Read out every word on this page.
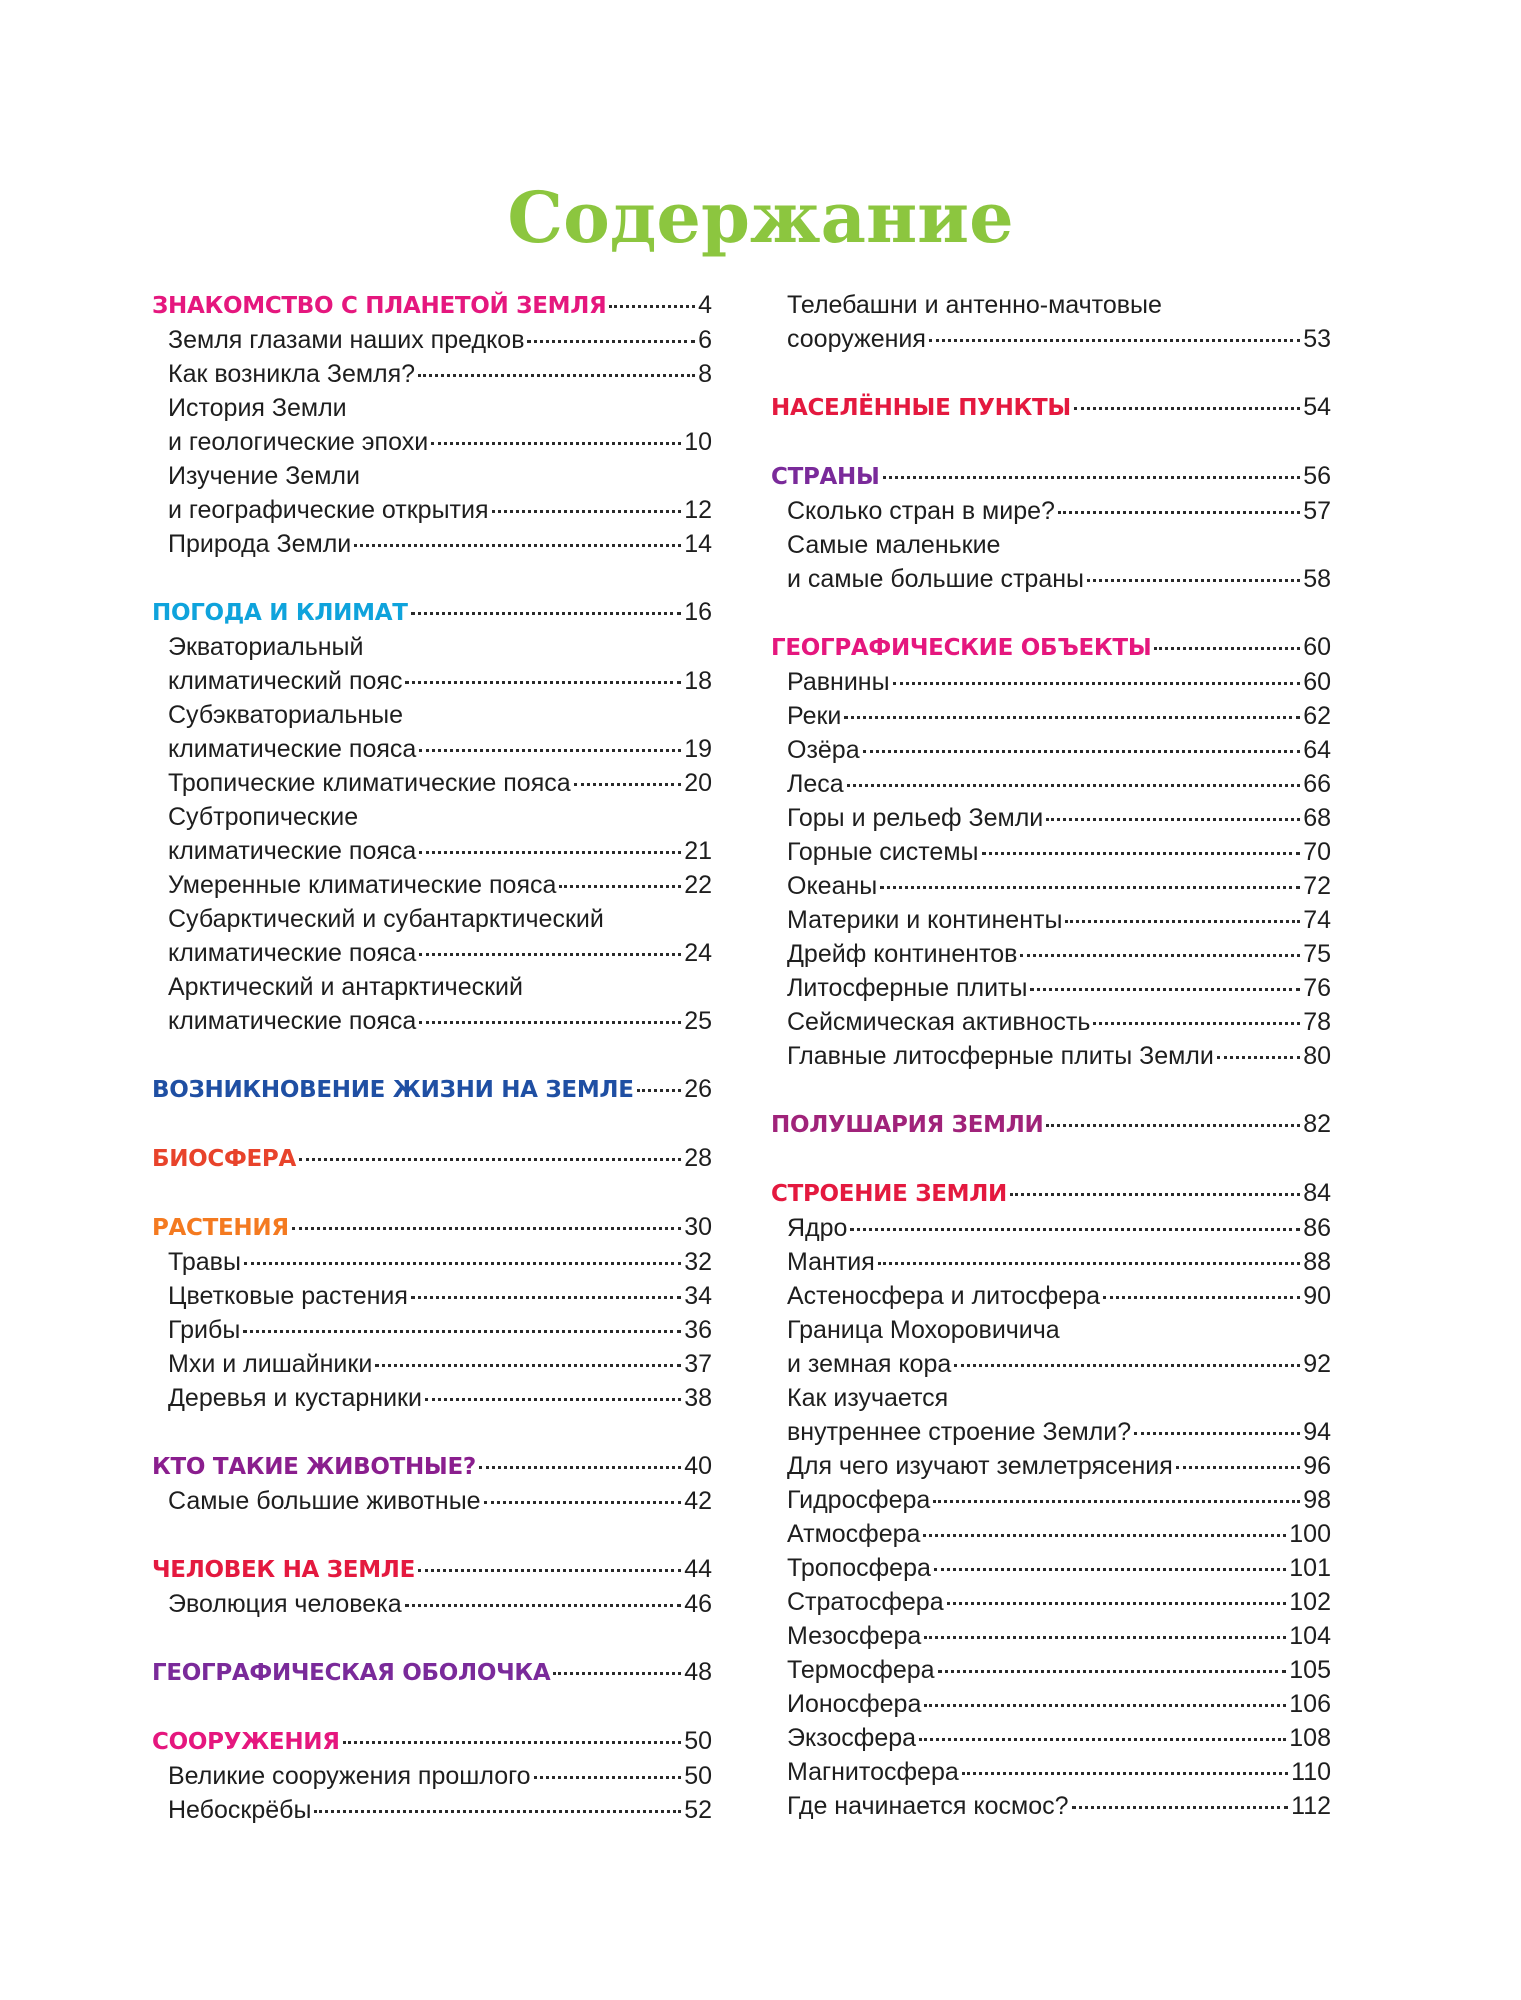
Содержание
ЗНАКОМСТВО С ПЛАНЕТОЙ ЗЕМЛЯ	4
Земля глазами наших предков	6
Как возникла Земля?	8
История Земли
и геологические эпохи	10
Изучение Земли
и географические открытия	12
Природа Земли	14
ПОГОДА И КЛИМАТ	16
Экваториальный
климатический пояс	18
Субэкваториальные
климатические пояса	19
Тропические климатические пояса	20
Субтропические
климатические пояса	21
Умеренные климатические пояса	22
Субарктический и субантарктический
климатические пояса	24
Арктический и антарктический
климатические пояса	25
ВОЗНИКНОВЕНИЕ ЖИЗНИ НА ЗЕМЛЕ 26
БИОСФЕРА	28
РАСТЕНИЯ	30
Травы	32
Цветковые растения	34
Грибы	36
Мхи и лишайники	37
Деревья и кустарники	38
КТО ТАКИЕ ЖИВОТНЫЕ?	40
Самые большие животные	42
ЧЕЛОВЕК НА ЗЕМЛЕ	44
Эволюция человека	46
ГЕОГРАФИЧЕСКАЯ ОБОЛОЧКА	48
СООРУЖЕНИЯ	50
Великие сооружения прошлого	50
Небоскрёбы	52
Телебашни и антенно-мачтовые
сооружения	53
НАСЕЛЁННЫЕ ПУНКТЫ	54
СТРАНЫ	56
Сколько стран в мире?	57
Самые маленькие
и самые большие страны	58
ГЕОГРАФИЧЕСКИЕ ОБЪЕКТЫ	60
Равнины	60
Реки	62
Озёра	64
Леса	66
Горы и рельеф Земли	68
Горные системы	70
Океаны	72
Материки и континенты	74
Дрейф континентов	75
Литосферные плиты	76
Сейсмическая активность	78
Главные литосферные плиты Земли	80
ПОЛУШАРИЯ ЗЕМЛИ	82
СТРОЕНИЕ ЗЕМЛИ	84
Ядро	86
Мантия	88
Астеносфера и литосфера	90
Граница Мохоровичича
и земная кора	92
Как изучается
внутреннее строение Земли?	94
Для чего изучают землетрясения	96
Гидросфера	98
Атмосфера	100
Тропосфера	101
Стратосфера	102
Мезосфера	104
Термосфера	105
Ионосфера	106
Экзосфера	108
Магнитосфера	110
Где начинается космос?	112
